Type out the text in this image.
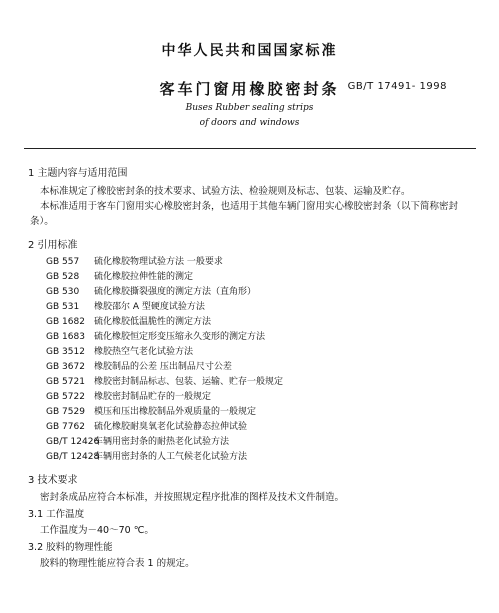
中华人民共和国国家标准
客车门窗用橡胶密封条 GB/T 17491- 1998
Buses Rubber sealing strips
of doors and windows
1 主题内容与适用范围
本标准规定了橡胶密封条的技术要求、试验方法、检验规则及标志、包装、运输及贮存。
本标准适用于客车门窗用实心橡胶密封条，也适用于其他车辆门窗用实心橡胶密封条（以下简称密封
条）。
2 引用标准
GB 557 硫化橡胶物理试验方法 一般要求
GB 528 硫化橡胶拉伸性能的测定
GB 530 硫化橡胶撕裂强度的测定方法（直角形）
GB 531 橡胶邵尔 A 型硬度试验方法
GB 1682 硫化橡胶低温脆性的测定方法
GB 1683 硫化橡胶恒定形变压缩永久变形的测定方法
GB 3512 橡胶热空气老化试验方法
GB 3672 橡胶制品的公差 压出制品尺寸公差
GB 5721 橡胶密封制品标志、包装、运输、贮存一般规定
GB 5722 橡胶密封制品贮存的一般规定
GB 7529 模压和压出橡胶制品外观质量的一般规定
GB 7762 硫化橡胶耐臭氧老化试验静态拉伸试验
GB/T 12426车辆用密封条的耐热老化试验方法
GB/T 12428车辆用密封条的人工气候老化试验方法
3 技术要求
密封条成品应符合本标准，并按照规定程序批准的图样及技术文件制造。
3.1 工作温度
工作温度为－40～70 ℃。
3.2 胶料的物理性能
胶料的物理性能应符合表 1 的规定。
